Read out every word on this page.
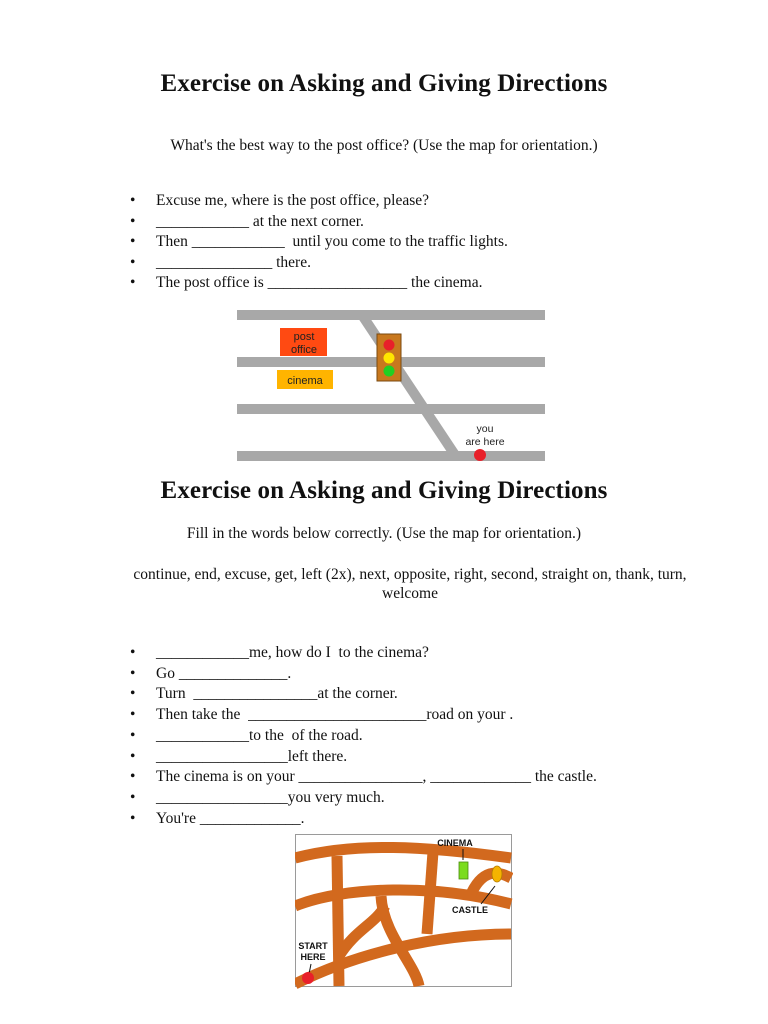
Exercise on Asking and Giving Directions
What's the best way to the post office? (Use the map for orientation.)
• Excuse me, where is the post office, please?
• ____________ at the next corner.
• Then ____________  until you come to the traffic lights.
• _______________ there.
• The post office is __________________ the cinema.
post
office
cinema
you
are here
Exercise on Asking and Giving Directions
Fill in the words below correctly. (Use the map for orientation.)
continue, end, excuse, get, left (2x), next, opposite, right, second, straight on, thank, turn, welcome
• ____________me, how do I  to the cinema?
• Go ______________.
• Turn  ________________at the corner.
• Then take the  _______________________road on your .
• ____________to the  of the road.
• _________________left there.
• The cinema is on your ________________, _____________ the castle.
• _________________you very much.
• You're _____________.
CINEMA
CASTLE
START
HERE
